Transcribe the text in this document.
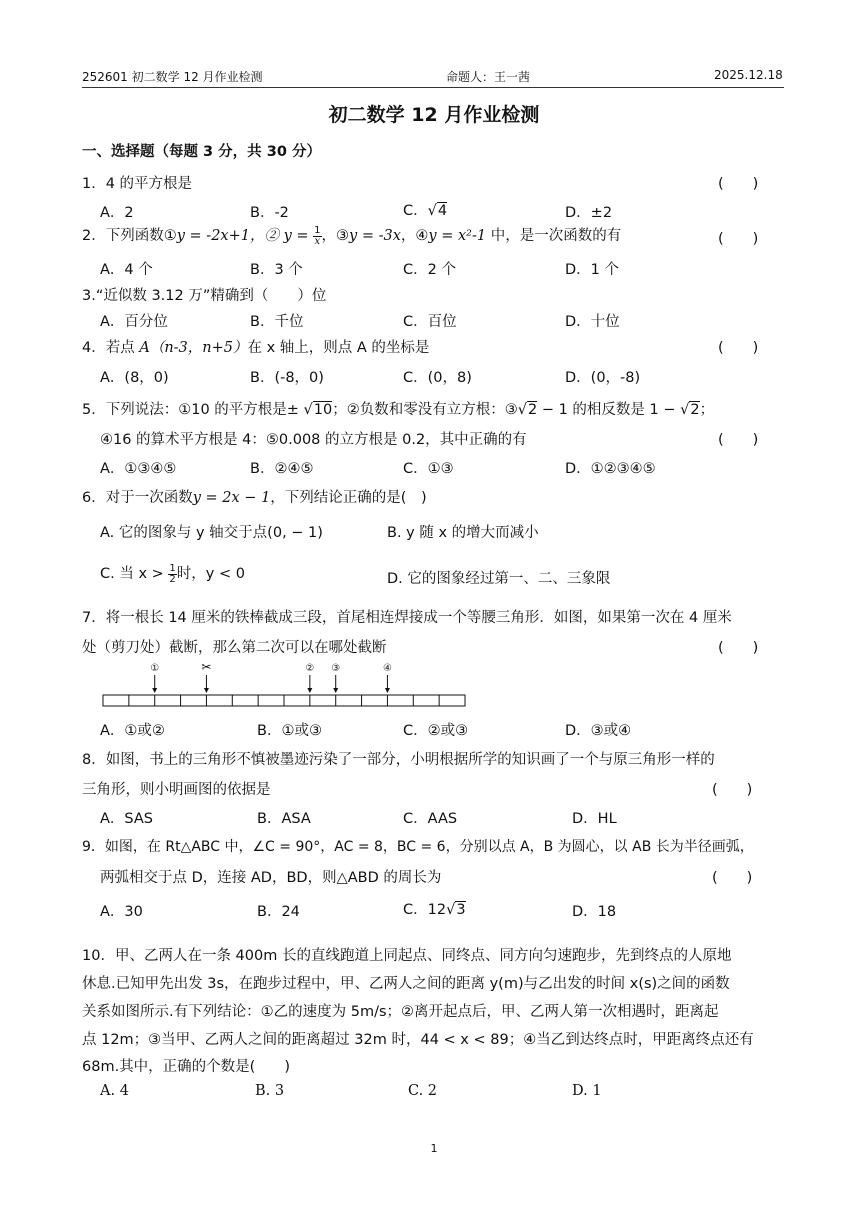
252601 初二数学 12 月作业检测	命题人：王一茜	2025.12.18
初二数学 12 月作业检测
一、选择题（每题 3 分，共 30 分）
1．4 的平方根是	(　　)
A．2	B．-2	C．√4	D．±2
2．下列函数①y = -2x+1，② $y = \frac{1}{x}$ ，③y = -3x，④y = x²-1 中，是一次函数的有	(　　)
A．4 个	B．3 个	C．2 个	D．1 个
3.“近似数 3.12 万”精确到（　　）位
A．百分位	B．千位	C．百位	D．十位
4．若点 A（n-3，n+5）在 x 轴上，则点 A 的坐标是	(　　)
A．(8，0)	B．(-8，0)	C．(0，8)	D．(0，-8)
5．下列说法：①10 的平方根是± √10；②负数和零没有立方根：③√2 − 1 的相反数是 1 − √2；
④16 的算术平方根是 4：⑤0.008 的立方根是 0.2，其中正确的有	(　　)
A．①③④⑤	B．②④⑤	C．①③	D．①②③④⑤
6．对于一次函数y = 2x − 1，下列结论正确的是(　)
A. 它的图象与 y 轴交于点(0, − 1)	B. y 随 x 的增大而减小
C. 当 $x > \frac{1}{2}$ 时，y < 0	D. 它的图象经过第一、二、三象限
7．将一根长 14 厘米的铁棒截成三段，首尾相连焊接成一个等腰三角形．如图，如果第一次在 4 厘米
处（剪刀处）截断，那么第二次可以在哪处截断	(　　)
①	✂	② ③	④
A．①或②	B．①或③	C．②或③	D．③或④
8．如图，书上的三角形不慎被墨迹污染了一部分，小明根据所学的知识画了一个与原三角形一样的
三角形，则小明画图的依据是	(　　)
A．SAS	B．ASA	C．AAS	D．HL
9．如图，在 Rt△ABC 中，∠C = 90°，AC = 8，BC = 6，分别以点 A，B 为圆心，以 AB 长为半径画弧，
两弧相交于点 D，连接 AD，BD，则△ABD 的周长为	(　　)
A．30	B．24	C．12√3	D．18
10．甲、乙两人在一条 400m 长的直线跑道上同起点、同终点、同方向匀速跑步，先到终点的人原地
休息.已知甲先出发 3s，在跑步过程中，甲、乙两人之间的距离 y(m)与乙出发的时间 x(s)之间的函数
关系如图所示.有下列结论：①乙的速度为 5m/s；②离开起点后，甲、乙两人第一次相遇时，距离起
点 12m；③当甲、乙两人之间的距离超过 32m 时，44 < x < 89；④当乙到达终点时，甲距离终点还有
68m.其中，正确的个数是(　　)
A. 4	B. 3	C. 2	D. 1
1
